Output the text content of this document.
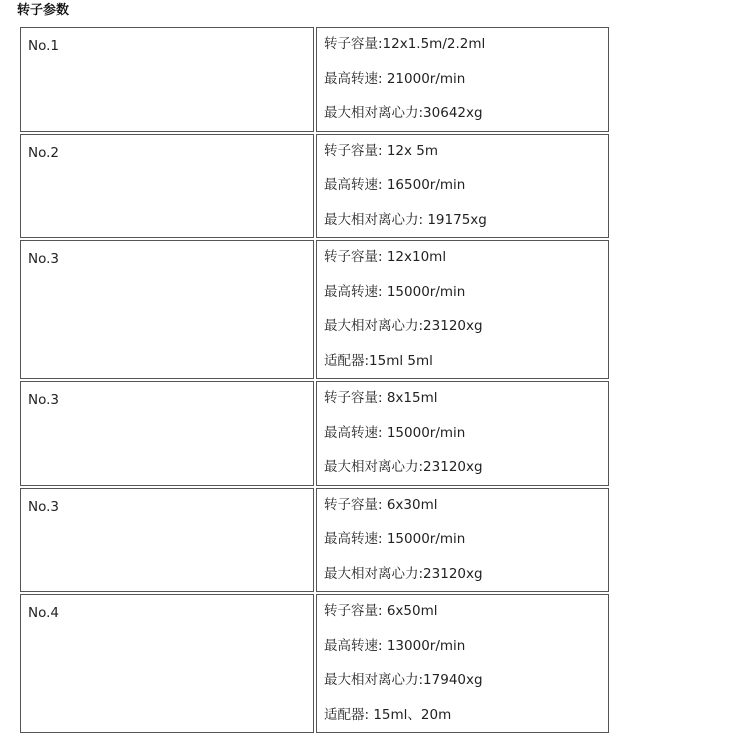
转子参数
No.1	转子容量:12x1.5m/2.2ml
最高转速: 21000r/min
最大相对离心力:30642xg

No.2	转子容量: 12x 5m
最高转速: 16500r/min
最大相对离心力: 19175xg

No.3	转子容量: 12x10ml
最高转速: 15000r/min
最大相对离心力:23120xg
适配器:15ml 5ml

No.3	转子容量: 8x15ml
最高转速: 15000r/min
最大相对离心力:23120xg

No.3	转子容量: 6x30ml
最高转速: 15000r/min
最大相对离心力:23120xg

No.4	转子容量: 6x50ml
最高转速: 13000r/min
最大相对离心力:17940xg
适配器: 15ml、20m
